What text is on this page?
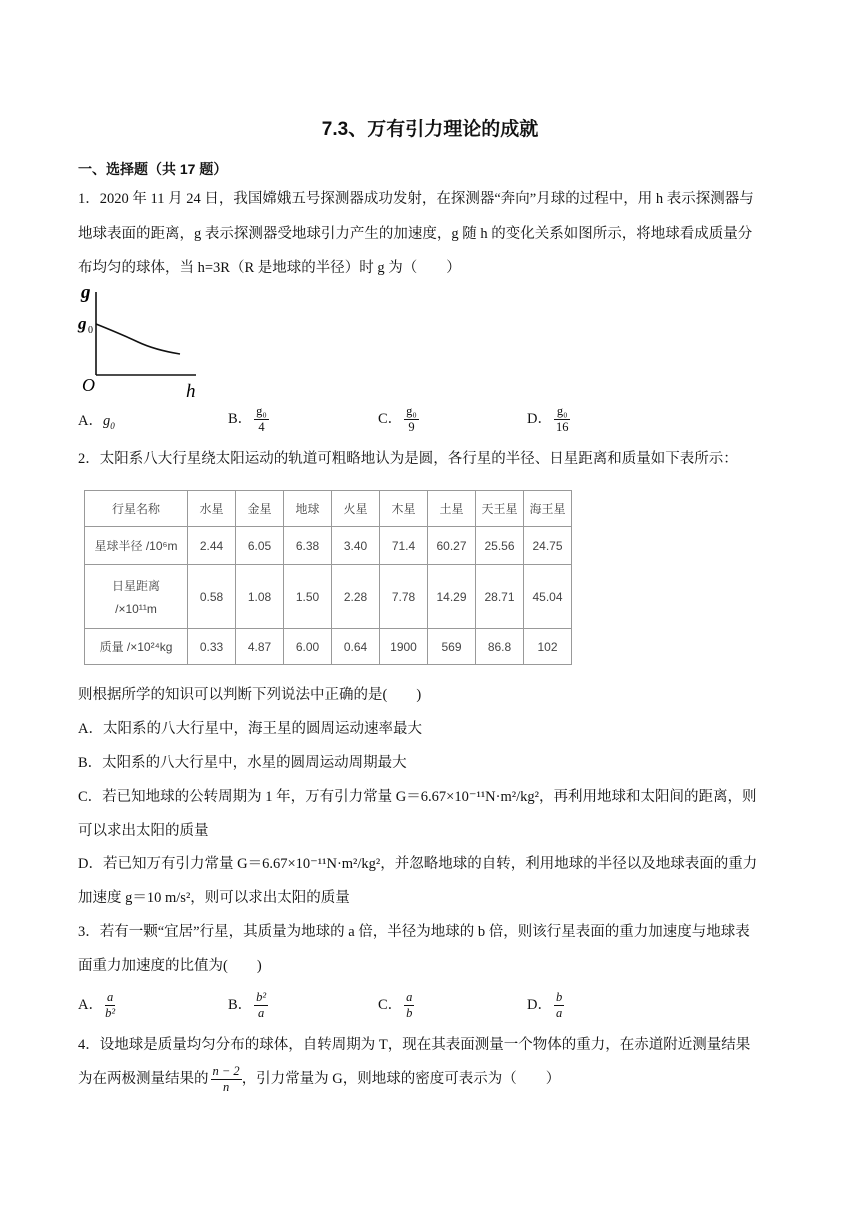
7.3、万有引力理论的成就
一、选择题（共 17 题）
1．2020 年 11 月 24 日，我国嫦娥五号探测器成功发射，在探测器“奔向”月球的过程中，用 h 表示探测器与
地球表面的距离，g 表示探测器受地球引力产生的加速度，g 随 h 的变化关系如图所示，将地球看成质量分
布均匀的球体，当 h=3R（R 是地球的半径）时 g 为（　　）
g
g 0
O	h
A．$g_0$	B． $\frac{\text{g₀}}{4}$	C． $\frac{\text{g₀}}{9}$	D． $\frac{\text{g₀}}{16}$
2．太阳系八大行星绕太阳运动的轨道可粗略地认为是圆，各行星的半径、日星距离和质量如下表所示：
行星名称	水星	金星	地球	火星	木星	土星	天王星	海王星
星球半径 /10⁶m	2.44	6.05	6.38	3.40	71.4	60.27	25.56	24.75

日星距离
/×10¹¹m	0.58	1.08	1.50	2.28	7.78	14.29	28.71	45.04
质量 /×10²⁴kg	0.33	4.87	6.00	0.64	1900	569	86.8	102
则根据所学的知识可以判断下列说法中正确的是(　　)
A．太阳系的八大行星中，海王星的圆周运动速率最大
B．太阳系的八大行星中，水星的圆周运动周期最大
C．若已知地球的公转周期为 1 年，万有引力常量 G＝6.67×10⁻¹¹N·m²/kg²，再利用地球和太阳间的距离，则
可以求出太阳的质量
D．若已知万有引力常量 G＝6.67×10⁻¹¹N·m²/kg²，并忽略地球的自转，利用地球的半径以及地球表面的重力
加速度 g＝10 m/s²，则可以求出太阳的质量
3．若有一颗“宜居”行星，其质量为地球的 a 倍，半径为地球的 b 倍，则该行星表面的重力加速度与地球表
面重力加速度的比值为(　　)
A． $\frac{a}{\text{b²}}$	B． $\frac{\text{b²}}{a}$	C． $\frac{a}{b}$	D． $\frac{b}{a}$
4．设地球是质量均匀分布的球体，自转周期为 T，现在其表面测量一个物体的重力，在赤道附近测量结果
为在两极测量结果的 $\frac{n - 2}{n}$ ，引力常量为 G，则地球的密度可表示为（　　）
